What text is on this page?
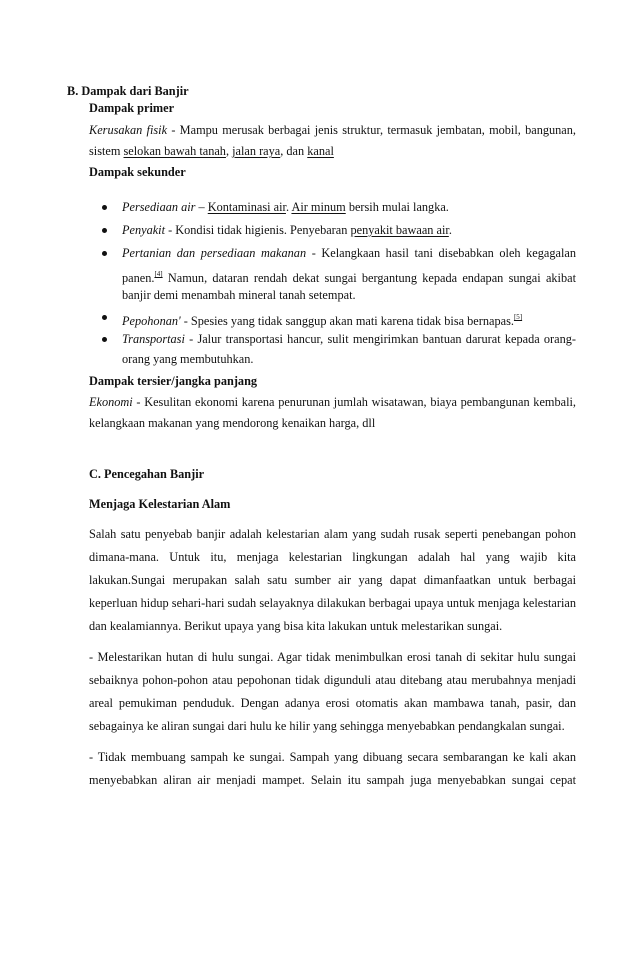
B. Dampak dari Banjir
Dampak primer
Kerusakan fisik - Mampu merusak berbagai jenis struktur, termasuk jembatan, mobil, bangunan,
sistem selokan bawah tanah, jalan raya, dan kanal
Dampak sekunder
Persediaan air – Kontaminasi air. Air minum bersih mulai langka.
Penyakit - Kondisi tidak higienis. Penyebaran penyakit bawaan air.
Pertanian dan persediaan makanan - Kelangkaan hasil tani disebabkan oleh kegagalan
panen.[4] Namun, dataran rendah dekat sungai bergantung kepada endapan sungai akibat
banjir demi menambah mineral tanah setempat.
Pepohonan' - Spesies yang tidak sanggup akan mati karena tidak bisa bernapas.[5]
Transportasi - Jalur transportasi hancur, sulit mengirimkan bantuan darurat kepada orang-
orang yang membutuhkan.
Dampak tersier/jangka panjang
Ekonomi - Kesulitan ekonomi karena penurunan jumlah wisatawan, biaya pembangunan kembali,
kelangkaan makanan yang mendorong kenaikan harga, dll
C. Pencegahan Banjir
Menjaga Kelestarian Alam
Salah satu penyebab banjir adalah kelestarian alam yang sudah rusak seperti penebangan pohon
dimana-mana. Untuk itu, menjaga kelestarian lingkungan adalah hal yang wajib kita
lakukan.Sungai merupakan salah satu sumber air yang dapat dimanfaatkan untuk berbagai
keperluan hidup sehari-hari sudah selayaknya dilakukan berbagai upaya untuk menjaga kelestarian
dan kealamiannya. Berikut upaya yang bisa kita lakukan untuk melestarikan sungai.
- Melestarikan hutan di hulu sungai. Agar tidak menimbulkan erosi tanah di sekitar hulu sungai
sebaiknya pohon-pohon atau pepohonan tidak digunduli atau ditebang atau merubahnya menjadi
areal pemukiman penduduk. Dengan adanya erosi otomatis akan mambawa tanah, pasir, dan
sebagainya ke aliran sungai dari hulu ke hilir yang sehingga menyebabkan pendangkalan sungai.
- Tidak membuang sampah ke sungai. Sampah yang dibuang secara sembarangan ke kali akan
menyebabkan aliran air menjadi mampet. Selain itu sampah juga menyebabkan sungai cepat
